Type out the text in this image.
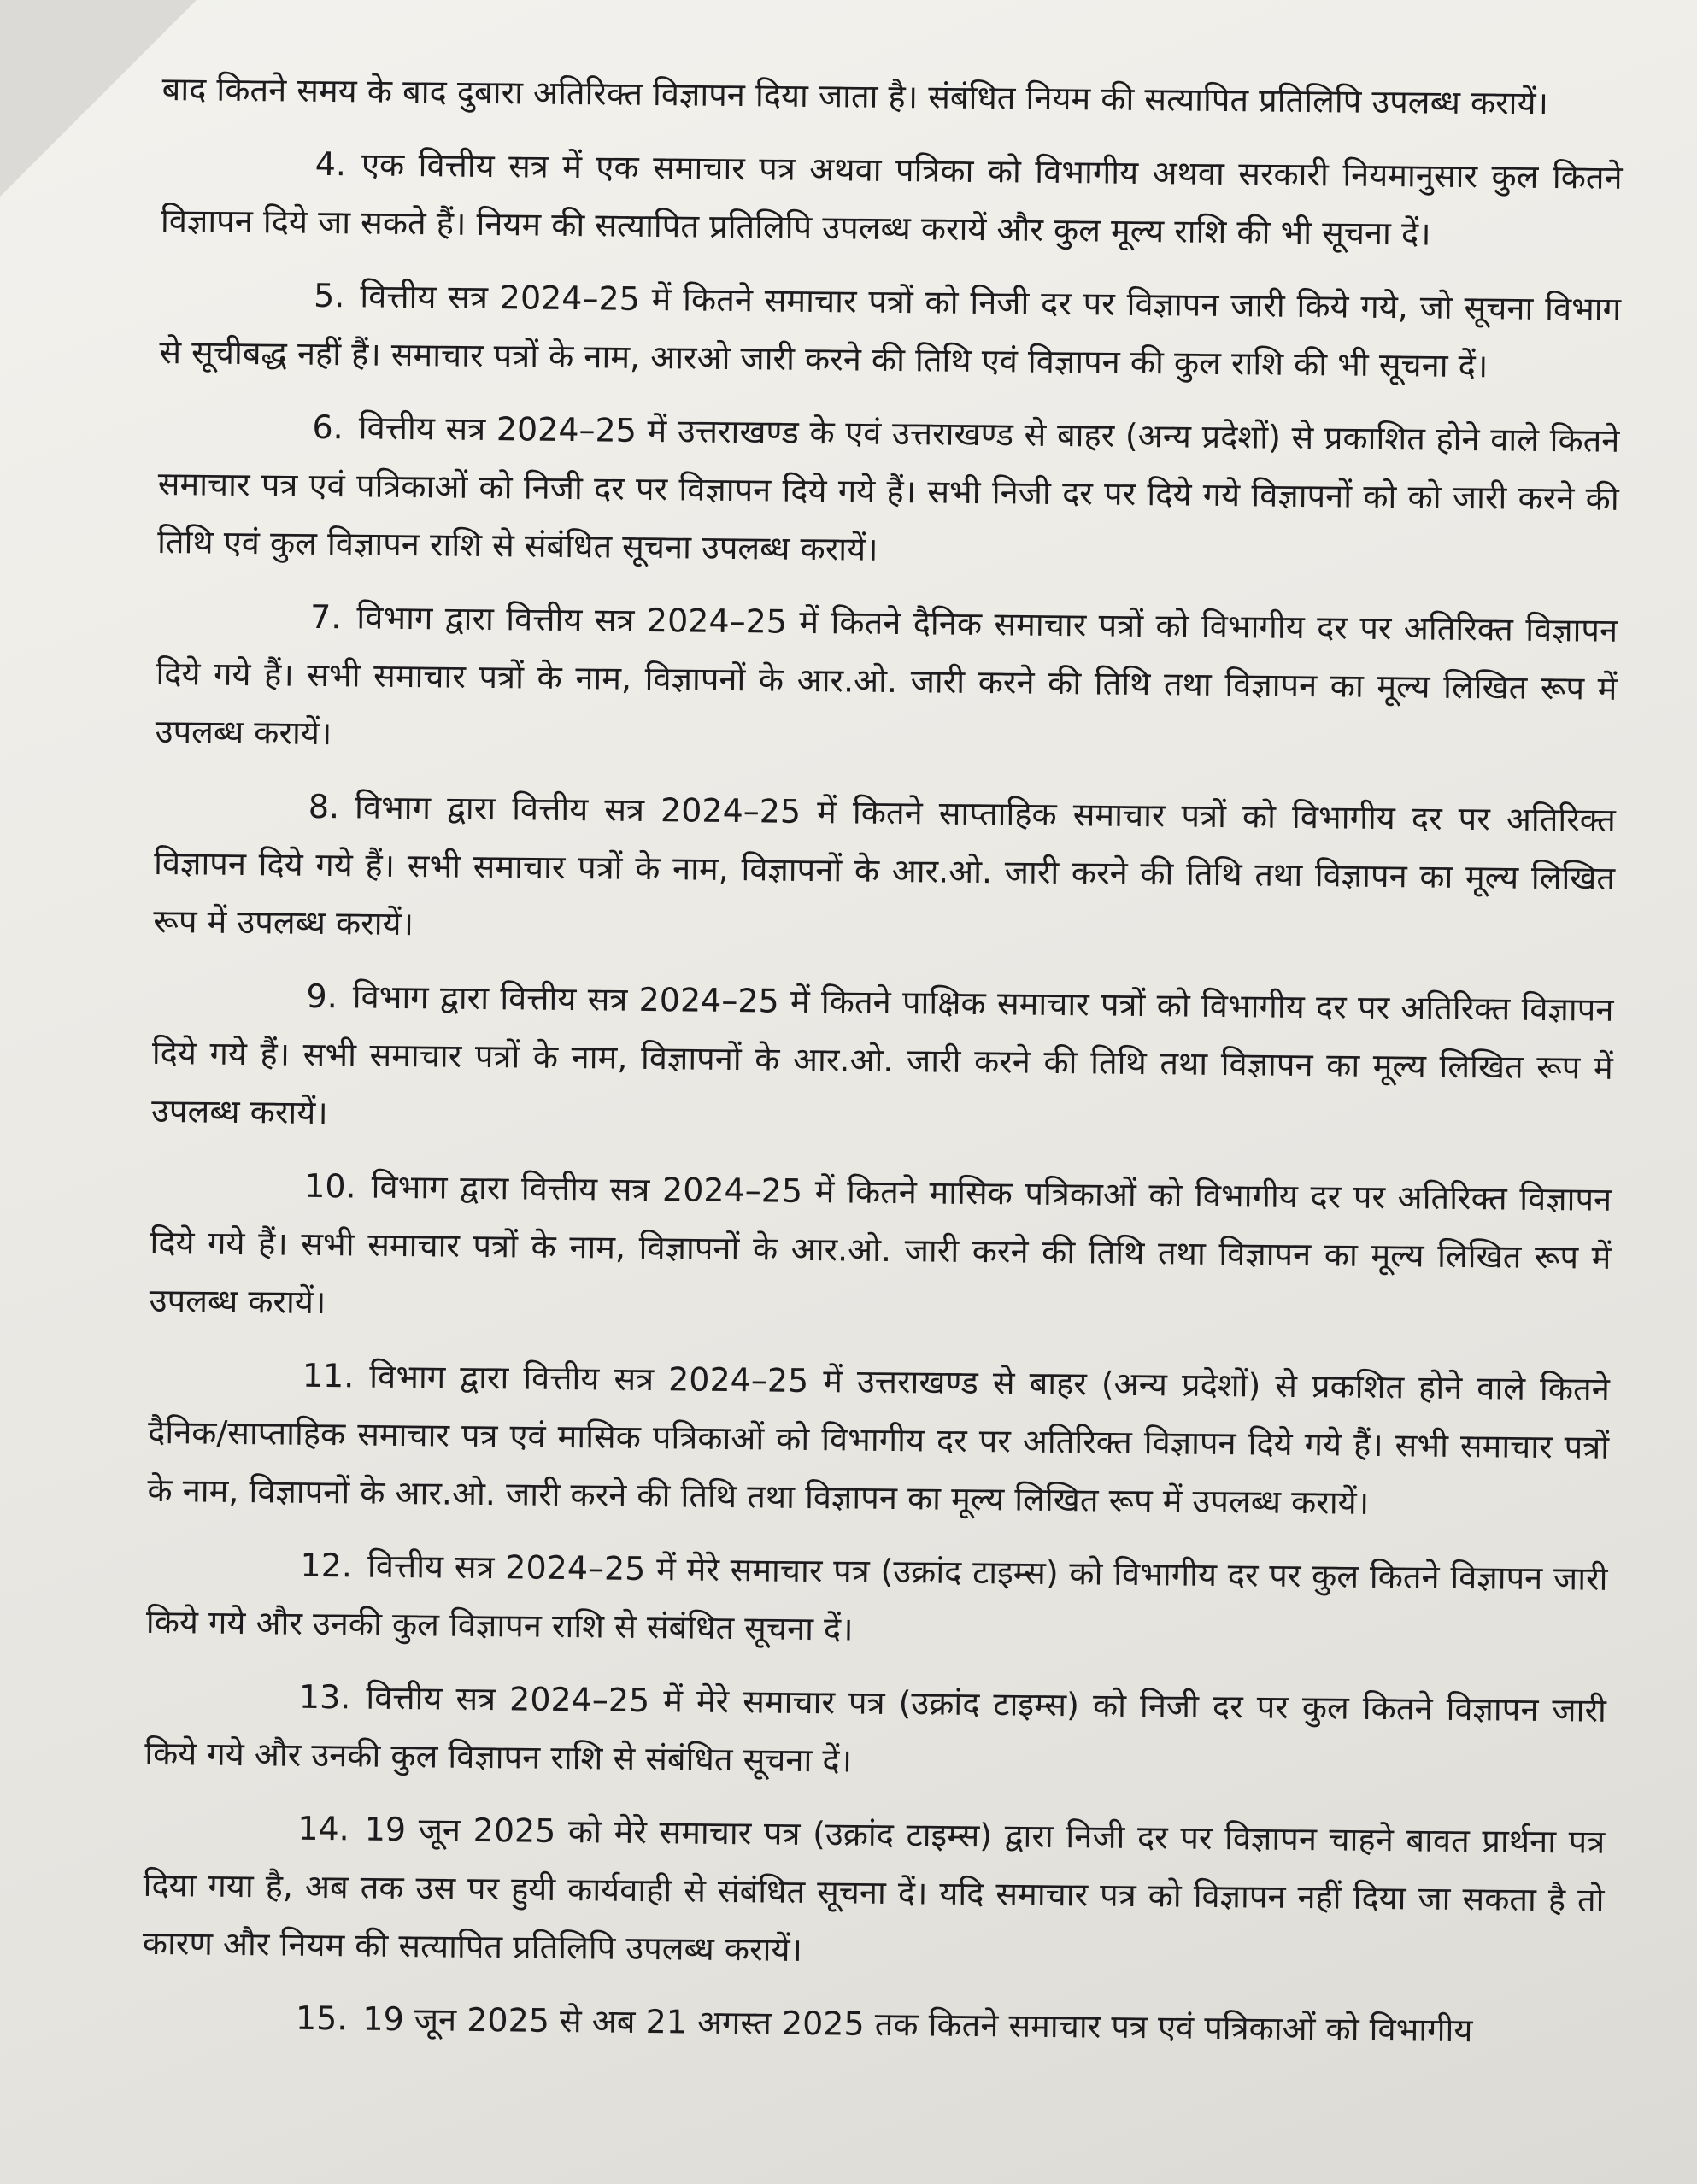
बाद कितने समय के बाद दुबारा अतिरिक्त विज्ञापन दिया जाता है। संबंधित नियम की सत्यापित प्रतिलिपि उपलब्ध करायें।

4. एक वित्तीय सत्र में एक समाचार पत्र अथवा पत्रिका को विभागीय अथवा सरकारी नियमानुसार कुल कितने विज्ञापन दिये जा सकते हैं। नियम की सत्यापित प्रतिलिपि उपलब्ध करायें और कुल मूल्य राशि की भी सूचना दें।

5. वित्तीय सत्र 2024–25 में कितने समाचार पत्रों को निजी दर पर विज्ञापन जारी किये गये, जो सूचना विभाग से सूचीबद्ध नहीं हैं। समाचार पत्रों के नाम, आरओ जारी करने की तिथि एवं विज्ञापन की कुल राशि की भी सूचना दें।

6. वित्तीय सत्र 2024–25 में उत्तराखण्ड के एवं उत्तराखण्ड से बाहर (अन्य प्रदेशों) से प्रकाशित होने वाले कितने समाचार पत्र एवं पत्रिकाओं को निजी दर पर विज्ञापन दिये गये हैं। सभी निजी दर पर दिये गये विज्ञापनों को को जारी करने की तिथि एवं कुल विज्ञापन राशि से संबंधित सूचना उपलब्ध करायें।

7. विभाग द्वारा वित्तीय सत्र 2024–25 में कितने दैनिक समाचार पत्रों को विभागीय दर पर अतिरिक्त विज्ञापन दिये गये हैं। सभी समाचार पत्रों के नाम, विज्ञापनों के आर.ओ. जारी करने की तिथि तथा विज्ञापन का मूल्य लिखित रूप में उपलब्ध करायें।

8. विभाग द्वारा वित्तीय सत्र 2024–25 में कितने साप्ताहिक समाचार पत्रों को विभागीय दर पर अतिरिक्त विज्ञापन दिये गये हैं। सभी समाचार पत्रों के नाम, विज्ञापनों के आर.ओ. जारी करने की तिथि तथा विज्ञापन का मूल्य लिखित रूप में उपलब्ध करायें।

9. विभाग द्वारा वित्तीय सत्र 2024–25 में कितने पाक्षिक समाचार पत्रों को विभागीय दर पर अतिरिक्त विज्ञापन दिये गये हैं। सभी समाचार पत्रों के नाम, विज्ञापनों के आर.ओ. जारी करने की तिथि तथा विज्ञापन का मूल्य लिखित रूप में उपलब्ध करायें।

10. विभाग द्वारा वित्तीय सत्र 2024–25 में कितने मासिक पत्रिकाओं को विभागीय दर पर अतिरिक्त विज्ञापन दिये गये हैं। सभी समाचार पत्रों के नाम, विज्ञापनों के आर.ओ. जारी करने की तिथि तथा विज्ञापन का मूल्य लिखित रूप में उपलब्ध करायें।

11. विभाग द्वारा वित्तीय सत्र 2024–25 में उत्तराखण्ड से बाहर (अन्य प्रदेशों) से प्रकशित होने वाले कितने दैनिक/साप्ताहिक समाचार पत्र एवं मासिक पत्रिकाओं को विभागीय दर पर अतिरिक्त विज्ञापन दिये गये हैं। सभी समाचार पत्रों के नाम, विज्ञापनों के आर.ओ. जारी करने की तिथि तथा विज्ञापन का मूल्य लिखित रूप में उपलब्ध करायें।

12. वित्तीय सत्र 2024–25 में मेरे समाचार पत्र (उक्रांद टाइम्स) को विभागीय दर पर कुल कितने विज्ञापन जारी किये गये और उनकी कुल विज्ञापन राशि से संबंधित सूचना दें।

13. वित्तीय सत्र 2024–25 में मेरे समाचार पत्र (उक्रांद टाइम्स) को निजी दर पर कुल कितने विज्ञापन जारी किये गये और उनकी कुल विज्ञापन राशि से संबंधित सूचना दें।

14. 19 जून 2025 को मेरे समाचार पत्र (उक्रांद टाइम्स) द्वारा निजी दर पर विज्ञापन चाहने बावत प्रार्थना पत्र दिया गया है, अब तक उस पर हुयी कार्यवाही से संबंधित सूचना दें। यदि समाचार पत्र को विज्ञापन नहीं दिया जा सकता है तो कारण और नियम की सत्यापित प्रतिलिपि उपलब्ध करायें।

15. 19 जून 2025 से अब 21 अगस्त 2025 तक कितने समाचार पत्र एवं पत्रिकाओं को विभागीय
